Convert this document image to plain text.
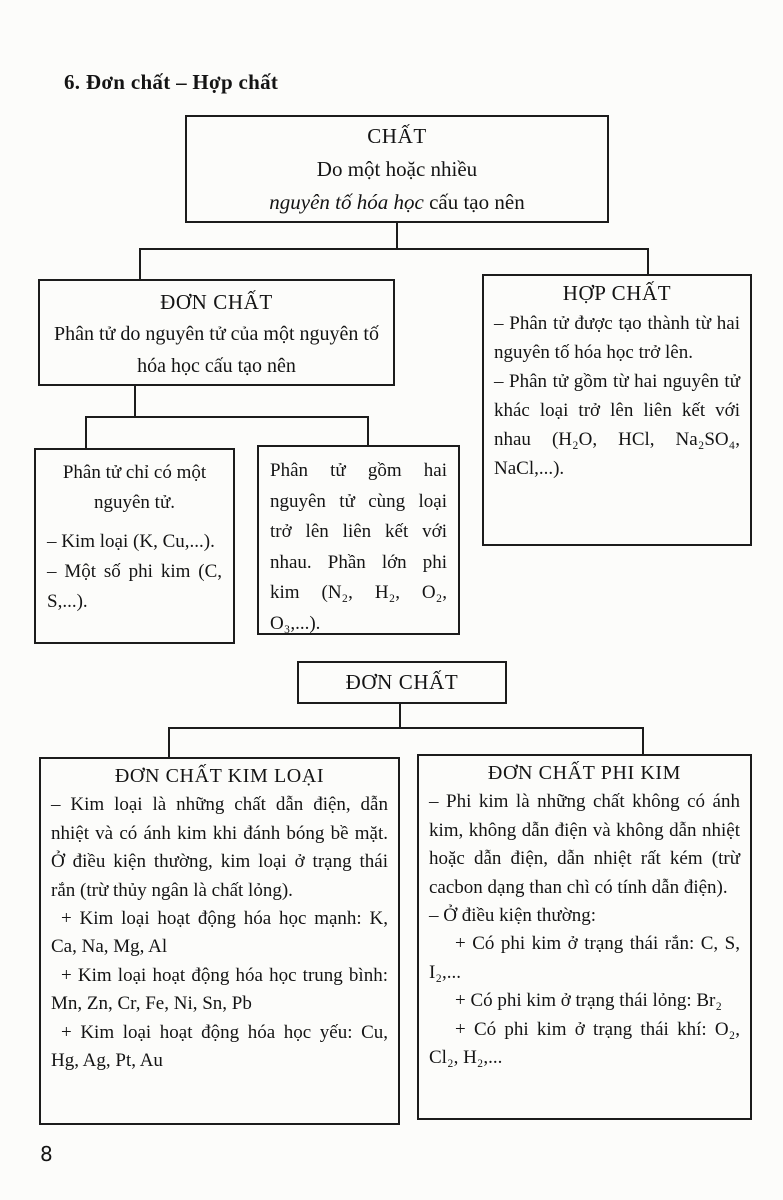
6. Đơn chất – Hợp chất
CHẤT
Do một hoặc nhiều
nguyên tố hóa học cấu tạo nên
ĐƠN CHẤT
Phân tử do nguyên tử của một nguyên tố hóa học cấu tạo nên
HỢP CHẤT

– Phân tử được tạo thành từ hai nguyên tố hóa học trở lên.

– Phân tử gồm từ hai nguyên tử khác loại trở lên liên kết với nhau (H₂O, HCl, Na₂SO₄, NaCl,...).

Phân tử chỉ có một nguyên tử.

– Kim loại (K, Cu,...).

– Một số phi kim (C, S,...).

Phân tử gồm hai nguyên tử cùng loại trở lên liên kết với nhau. Phần lớn phi kim (N₂, H₂, O₂, O₃,...).

ĐƠN CHẤT
ĐƠN CHẤT KIM LOẠI

– Kim loại là những chất dẫn điện, dẫn nhiệt và có ánh kim khi đánh bóng bề mặt. Ở điều kiện thường, kim loại ở trạng thái rắn (trừ thủy ngân là chất lỏng).

+ Kim loại hoạt động hóa học mạnh: K, Ca, Na, Mg, Al

+ Kim loại hoạt động hóa học trung bình: Mn, Zn, Cr, Fe, Ni, Sn, Pb

+ Kim loại hoạt động hóa học yếu: Cu, Hg, Ag, Pt, Au

ĐƠN CHẤT PHI KIM

– Phi kim là những chất không có ánh kim, không dẫn điện và không dẫn nhiệt hoặc dẫn điện, dẫn nhiệt rất kém (trừ cacbon dạng than chì có tính dẫn điện).

– Ở điều kiện thường:

+ Có phi kim ở trạng thái rắn: C, S, I₂,...

+ Có phi kim ở trạng thái lỏng: Br₂

+ Có phi kim ở trạng thái khí: O₂, Cl₂, H₂,...

8
